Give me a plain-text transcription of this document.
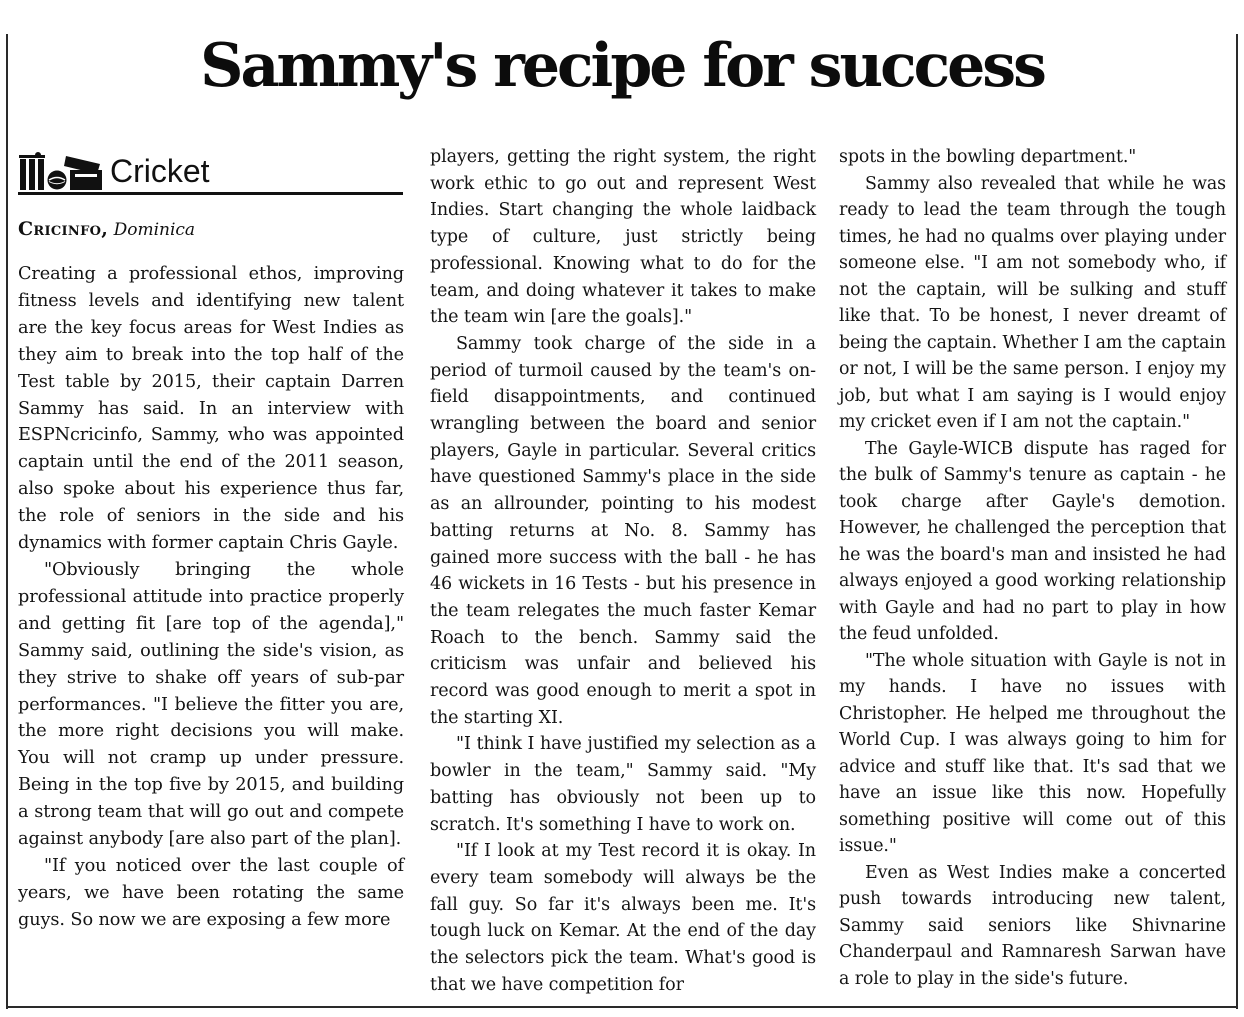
Sammy's recipe for success
Cricket
Cricinfo, Dominica

Creating a professional ethos, improving fitness levels and identifying new talent are the key focus areas for West Indies as they aim to break into the top half of the Test table by 2015, their captain Darren Sammy has said. In an interview with ESPNcricinfo, Sammy, who was appointed captain until the end of the 2011 season, also spoke about his experience thus far, the role of seniors in the side and his dynamics with former captain Chris Gayle.

"Obviously bringing the whole professional attitude into practice properly and getting fit [are top of the agenda]," Sammy said, outlining the side's vision, as they strive to shake off years of sub-par performances. "I believe the fitter you are, the more right decisions you will make. You will not cramp up under pressure. Being in the top five by 2015, and building a strong team that will go out and compete against anybody [are also part of the plan].

"If you noticed over the last couple of years, we have been rotating the same guys. So now we are exposing a few more

players, getting the right system, the right work ethic to go out and represent West Indies. Start changing the whole laidback type of culture, just strictly being professional. Knowing what to do for the team, and doing whatever it takes to make the team win [are the goals]."

Sammy took charge of the side in a period of turmoil caused by the team's on-field disappointments, and continued wrangling between the board and senior players, Gayle in particular. Several critics have questioned Sammy's place in the side as an allrounder, pointing to his modest batting returns at No. 8. Sammy has gained more success with the ball - he has 46 wickets in 16 Tests - but his presence in the team relegates the much faster Kemar Roach to the bench. Sammy said the criticism was unfair and believed his record was good enough to merit a spot in the starting XI.

"I think I have justified my selection as a bowler in the team," Sammy said. "My batting has obviously not been up to scratch. It's something I have to work on.

"If I look at my Test record it is okay. In every team somebody will always be the fall guy. So far it's always been me. It's tough luck on Kemar. At the end of the day the selectors pick the team. What's good is that we have competition for

spots in the bowling department."

Sammy also revealed that while he was ready to lead the team through the tough times, he had no qualms over playing under someone else. "I am not somebody who, if not the captain, will be sulking and stuff like that. To be honest, I never dreamt of being the captain. Whether I am the captain or not, I will be the same person. I enjoy my job, but what I am saying is I would enjoy my cricket even if I am not the captain."

The Gayle-WICB dispute has raged for the bulk of Sammy's tenure as captain - he took charge after Gayle's demotion. However, he challenged the perception that he was the board's man and insisted he had always enjoyed a good working relationship with Gayle and had no part to play in how the feud unfolded.

"The whole situation with Gayle is not in my hands. I have no issues with Christopher. He helped me throughout the World Cup. I was always going to him for advice and stuff like that. It's sad that we have an issue like this now. Hopefully something positive will come out of this issue."

Even as West Indies make a concerted push towards introducing new talent, Sammy said seniors like Shivnarine Chanderpaul and Ramnaresh Sarwan have a role to play in the side's future.
